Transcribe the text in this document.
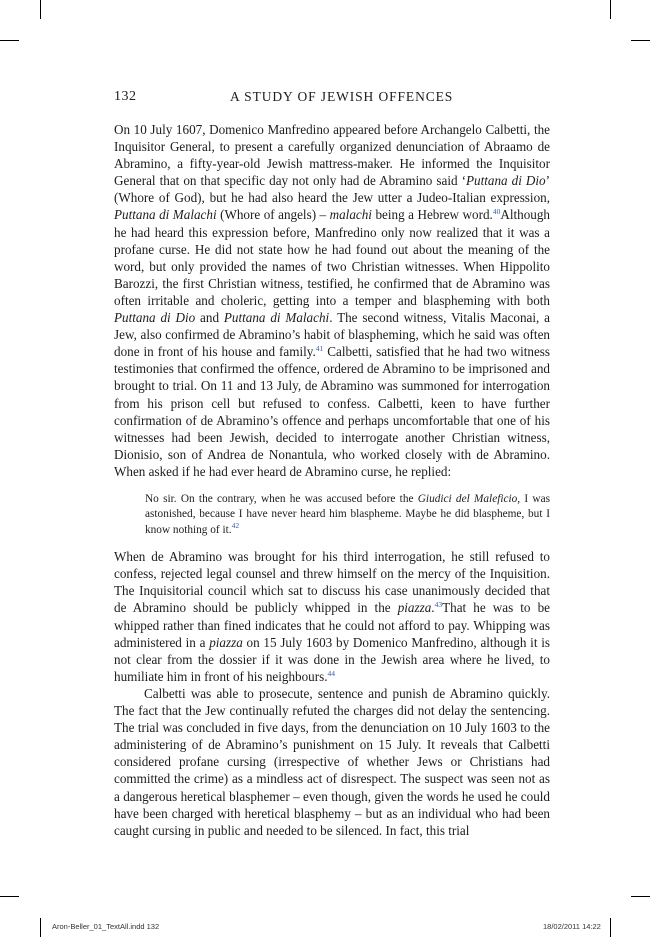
132	A STUDY OF JEWISH OFFENCES

On 10 July 1607, Domenico Manfredino appeared before Archangelo Calbetti, the Inquisitor General, to present a carefully organized denunciation of Abraamo de Abramino, a fifty-year-old Jewish mattress-maker. He informed the Inquisitor General that on that specific day not only had de Abramino said ‘Puttana di Dio’ (Whore of God), but he had also heard the Jew utter a Judeo-Italian expression, Puttana di Malachi (Whore of angels) – malachi being a Hebrew word.$^{40}$Although he had heard this expression before, Manfredino only now realized that it was a profane curse. He did not state how he had found out about the meaning of the word, but only provided the names of two Christian witnesses. When Hippolito Barozzi, the first Christian witness, testified, he confirmed that de Abramino was often irritable and choleric, getting into a temper and blaspheming with both Puttana di Dio and Puttana di Malachi. The second witness, Vitalis Maconai, a Jew, also confirmed de Abramino’s habit of blaspheming, which he said was often done in front of his house and family.$^{41}$ Calbetti, satisfied that he had two witness testimonies that confirmed the offence, ordered de Abramino to be imprisoned and brought to trial. On 11 and 13 July, de Abramino was summoned for interrogation from his prison cell but refused to confess. Calbetti, keen to have further confirmation of de Abramino’s offence and perhaps uncomfortable that one of his witnesses had been Jewish, decided to interrogate another Christian witness, Dionisio, son of Andrea de Nonantula, who worked closely with de Abramino. When asked if he had ever heard de Abramino curse, he replied:

No sir. On the contrary, when he was accused before the Giudici del Maleficio, I was astonished, because I have never heard him blaspheme. Maybe he did blaspheme, but I know nothing of it.$^{42}$

When de Abramino was brought for his third interrogation, he still refused to confess, rejected legal counsel and threw himself on the mercy of the Inquisition. The Inquisitorial council which sat to discuss his case unanimously decided that de Abramino should be publicly whipped in the piazza.$^{43}$That he was to be whipped rather than fined indicates that he could not afford to pay. Whipping was administered in a piazza on 15 July 1603 by Domenico Manfredino, although it is not clear from the dossier if it was done in the Jewish area where he lived, to humiliate him in front of his neighbours.$^{44}$

Calbetti was able to prosecute, sentence and punish de Abramino quickly. The fact that the Jew continually refuted the charges did not delay the sentencing. The trial was concluded in five days, from the denunciation on 10 July 1603 to the administering of de Abramino’s punishment on 15 July. It reveals that Calbetti considered profane cursing (irrespective of whether Jews or Christians had committed the crime) as a mindless act of disrespect. The suspect was seen not as a dangerous heretical blasphemer – even though, given the words he used he could have been charged with heretical blasphemy – but as an individual who had been caught cursing in public and needed to be silenced. In fact, this trial

Aron-Beller_01_TextAll.indd 132	18/02/2011 14:22
